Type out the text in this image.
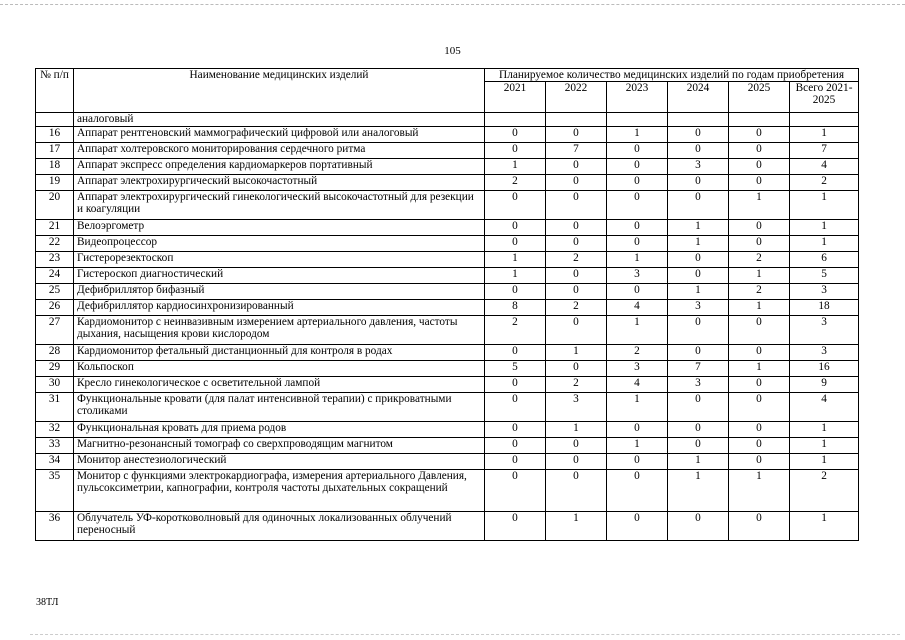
105
№ п/п	Наименование медицинских изделий	Планируемое количество медицинских изделий по годам приобретения					
		2021	2022	2023	2024	2025	Всего 2021-2025
	аналоговый						
16	Аппарат рентгеновский маммографический цифровой или аналоговый	0	0	1	0	0	1
17	Аппарат холтеровского мониторирования сердечного ритма	0	7	0	0	0	7
18	Аппарат экспресс определения кардиомаркеров портативный	1	0	0	3	0	4
19	Аппарат электрохирургический высокочастотный	2	0	0	0	0	2
20	Аппарат электрохирургический гинекологический высокочастотный для резекции и коагуляции	0	0	0	0	1	1
21	Велоэргометр	0	0	0	1	0	1
22	Видеопроцессор	0	0	0	1	0	1
23	Гистерорезектоскоп	1	2	1	0	2	6
24	Гистероскоп диагностический	1	0	3	0	1	5
25	Дефибриллятор бифазный	0	0	0	1	2	3
26	Дефибриллятор кардиосинхронизированный	8	2	4	3	1	18
27	Кардиомонитор с неинвазивным измерением артериального давления, частоты дыхания, насыщения крови кислородом	2	0	1	0	0	3
28	Кардиомонитор фетальный дистанционный для контроля в родах	0	1	2	0	0	3
29	Кольпоскоп	5	0	3	7	1	16
30	Кресло гинекологическое с осветительной лампой	0	2	4	3	0	9
31	Функциональные кровати (для палат интенсивной терапии) с прикроватными столиками	0	3	1	0	0	4
32	Функциональная кровать для приема родов	0	1	0	0	0	1
33	Магнитно-резонансный томограф со сверхпроводящим магнитом	0	0	1	0	0	1
34	Монитор анестезиологический	0	0	0	1	0	1
35	Монитор с функциями электрокардиографа, измерения артериального Давления, пульсоксиметрии, капнографии, контроля частоты дыхательных сокращений	0	0	0	1	1	2
36	Облучатель УФ-коротковолновый для одиночных локализованных облучений переносный	0	1	0	0	0	1
38ТЛ
